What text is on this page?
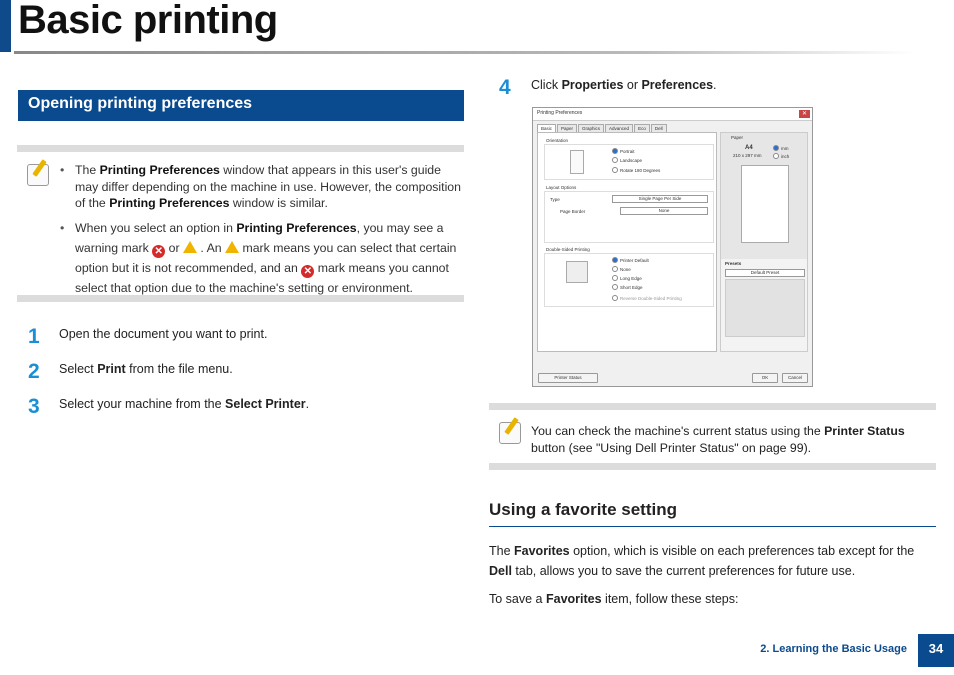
Basic printing
Opening printing preferences
• The Printing Preferences window that appears in this user's guide may differ depending on the machine in use. However, the composition of the Printing Preferences window is similar.
• When you select an option in Printing Preferences, you may see a warning mark ✕ or  . An  mark means you can select that certain option but it is not recommended, and an ✕ mark means you cannot select that option due to the machine's setting or environment.
1 Open the document you want to print.
2 Select Print from the file menu.
3 Select your machine from the Select Printer.
4 Click Properties or Preferences.
Printing Preferences	✕
Basic	Paper	Graphics	Advanced	Eco	Dell
Orientation
Portrait
Landscape
Rotate 180 Degrees
Layout Options
Type	Single Page Per Side
Page Border	None
Double-Sided Printing
Printer Default
None
Long Edge
Short Edge
Reverse Double-Sided Printing
Paper
A4
210 x 297 mm
mm
inch
Presets
Default Preset
Printer Status	OK	Cancel
You can check the machine's current status using the Printer Status button (see "Using Dell Printer Status" on page 99).
Using a favorite setting
The Favorites option, which is visible on each preferences tab except for the Dell tab, allows you to save the current preferences for future use.
To save a Favorites item, follow these steps:
2. Learning the Basic Usage	34
